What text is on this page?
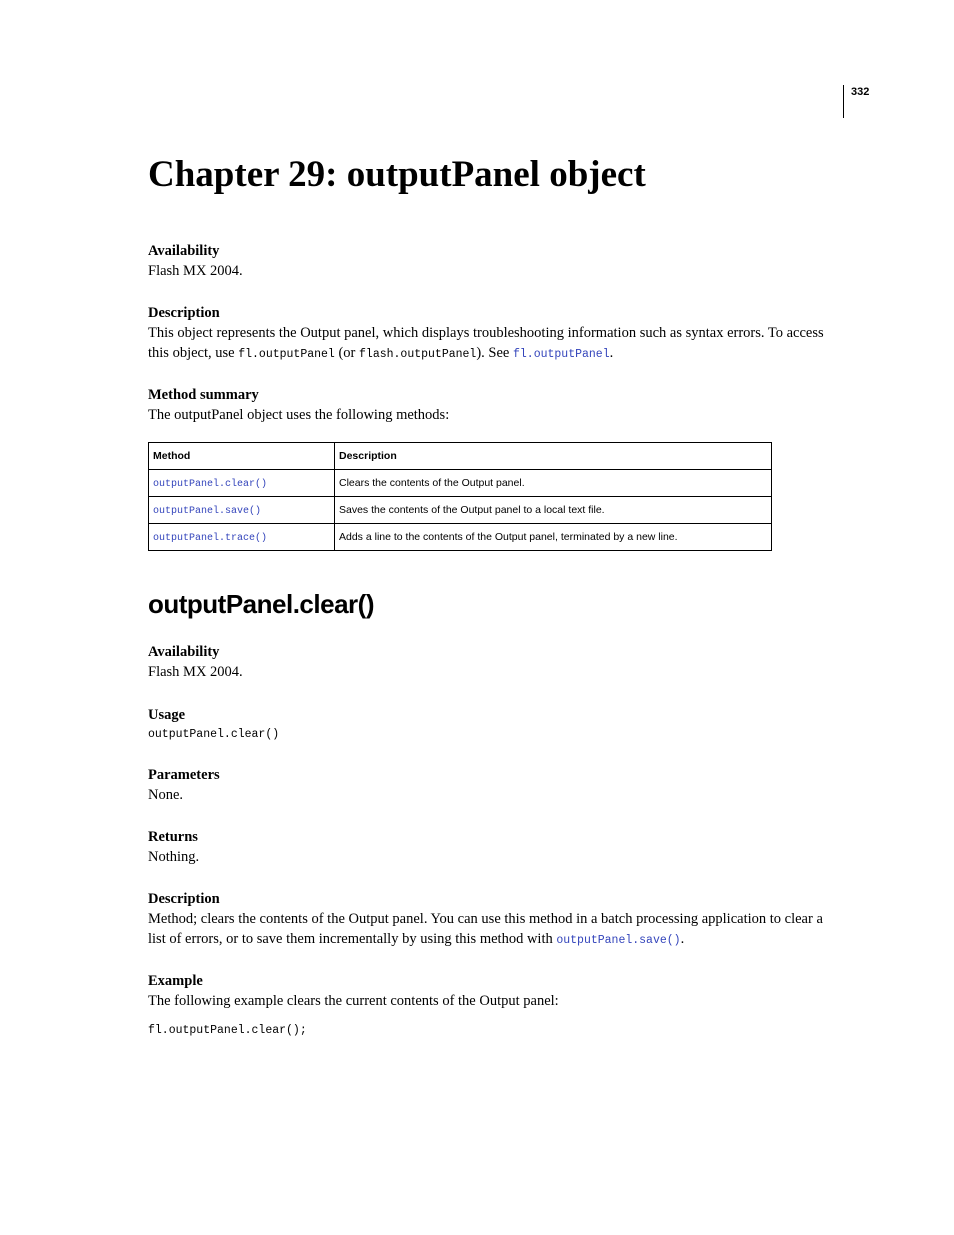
332
Chapter 29: outputPanel object
Availability
Flash MX 2004.
Description
This object represents the Output panel, which displays troubleshooting information such as syntax errors. To access this object, use fl.outputPanel (or flash.outputPanel). See fl.outputPanel.
Method summary
The outputPanel object uses the following methods:
Method	Description
outputPanel.clear()	Clears the contents of the Output panel.
outputPanel.save()	Saves the contents of the Output panel to a local text file.
outputPanel.trace()	Adds a line to the contents of the Output panel, terminated by a new line.
outputPanel.clear()
Availability
Flash MX 2004.
Usage
outputPanel.clear()
Parameters
None.
Returns
Nothing.
Description
Method; clears the contents of the Output panel. You can use this method in a batch processing application to clear a list of errors, or to save them incrementally by using this method with outputPanel.save().
Example
The following example clears the current contents of the Output panel:
fl.outputPanel.clear();
